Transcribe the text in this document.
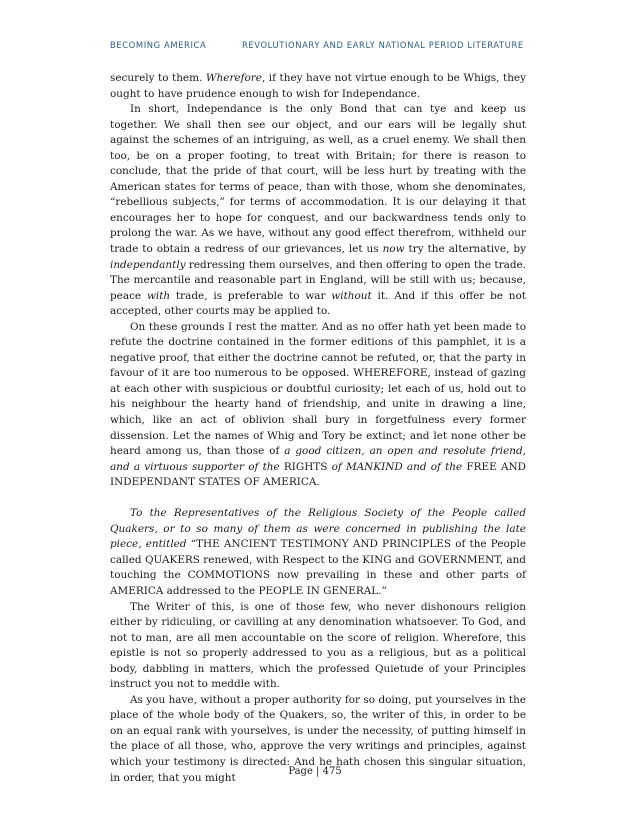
BECOMING AMERICA	REVOLUTIONARY AND EARLY NATIONAL PERIOD LITERATURE

securely to them. Wherefore, if they have not virtue enough to be Whigs, they ought to have prudence enough to wish for Independance.

In short, Independance is the only Bond that can tye and keep us together. We shall then see our object, and our ears will be legally shut against the schemes of an intriguing, as well, as a cruel enemy. We shall then too, be on a proper footing, to treat with Britain; for there is reason to conclude, that the pride of that court, will be less hurt by treating with the American states for terms of peace, than with those, whom she denominates, “rebellious subjects,” for terms of accommodation. It is our delaying it that encourages her to hope for conquest, and our backwardness tends only to prolong the war. As we have, without any good effect therefrom, withheld our trade to obtain a redress of our grievances, let us now try the alternative, by independantly redressing them ourselves, and then offering to open the trade. The mercantile and reasonable part in England, will be still with us; because, peace with trade, is preferable to war without it. And if this offer be not accepted, other courts may be applied to.

On these grounds I rest the matter. And as no offer hath yet been made to refute the doctrine contained in the former editions of this pamphlet, it is a negative proof, that either the doctrine cannot be refuted, or, that the party in favour of it are too numerous to be opposed. WHEREFORE, instead of gazing at each other with suspicious or doubtful curiosity; let each of us, hold out to his neighbour the hearty hand of friendship, and unite in drawing a line, which, like an act of oblivion shall bury in forgetfulness every former dissension. Let the names of Whig and Tory be extinct; and let none other be heard among us, than those of a good citizen, an open and resolute friend, and a virtuous supporter of the RIGHTS of MANKIND and of the FREE AND INDEPENDANT STATES OF AMERICA.

To the Representatives of the Religious Society of the People called Quakers, or to so many of them as were concerned in publishing the late piece, entitled “THE ANCIENT TESTIMONY AND PRINCIPLES of the People called QUAKERS renewed, with Respect to the KING and GOVERNMENT, and touching the COMMOTIONS now prevailing in these and other parts of AMERICA addressed to the PEOPLE IN GENERAL.”

The Writer of this, is one of those few, who never dishonours religion either by ridiculing, or cavilling at any denomination whatsoever. To God, and not to man, are all men accountable on the score of religion. Wherefore, this epistle is not so properly addressed to you as a religious, but as a political body, dabbling in matters, which the professed Quietude of your Principles instruct you not to meddle with.

As you have, without a proper authority for so doing, put yourselves in the place of the whole body of the Quakers, so, the writer of this, in order to be on an equal rank with yourselves, is under the necessity, of putting himself in the place of all those, who, approve the very writings and principles, against which your testimony is directed: And he hath chosen this singular situation, in order, that you might

Page | 475
